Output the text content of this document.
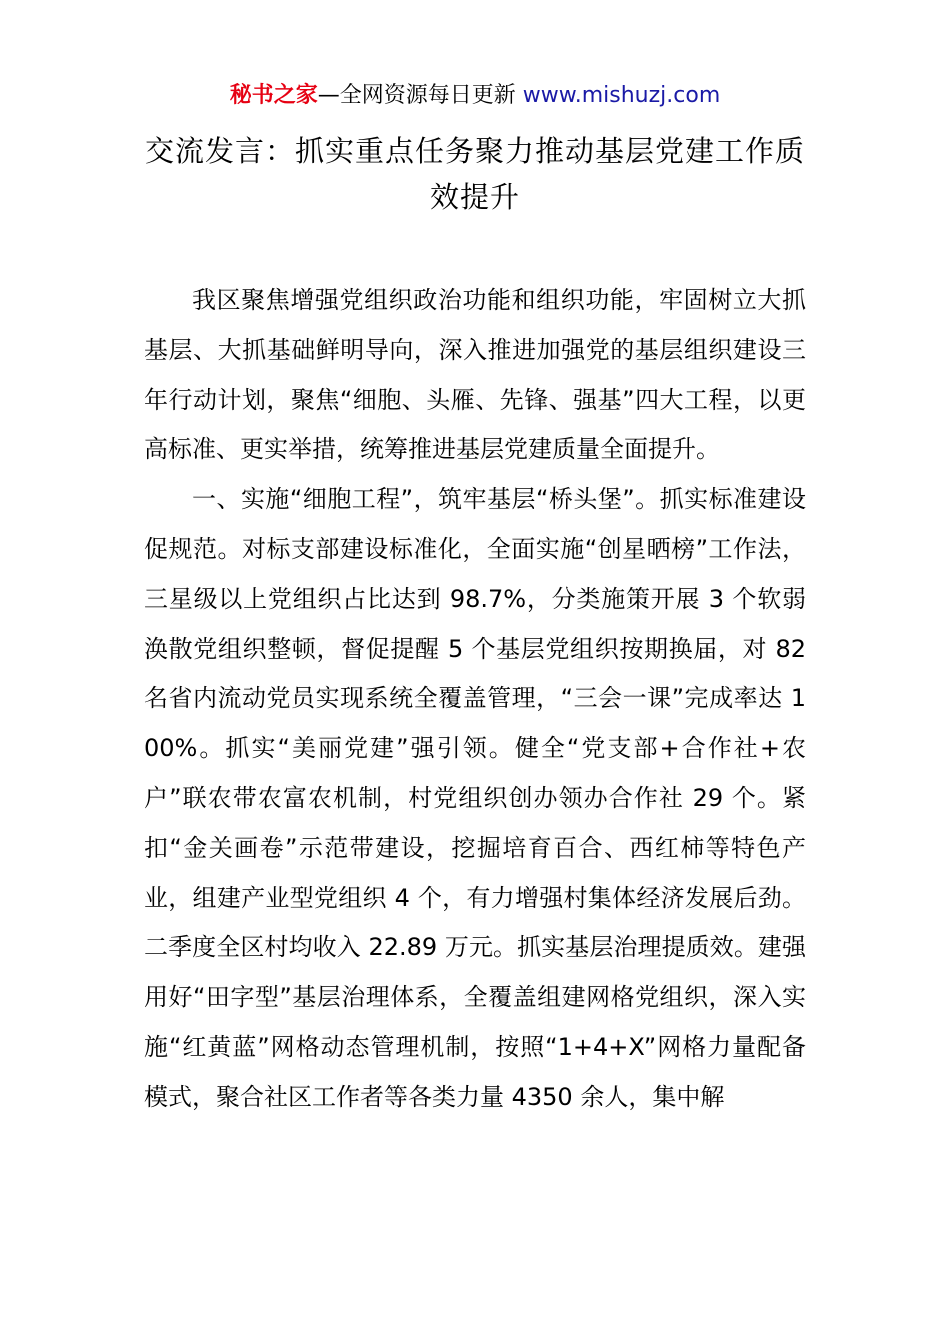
秘书之家—全网资源每日更新 www.mishuzj.com
交流发言：抓实重点任务聚力推动基层党建工作质效提升

我区聚焦增强党组织政治功能和组织功能，牢固树立大抓基层、大抓基础鲜明导向，深入推进加强党的基层组织建设三年行动计划，聚焦“细胞、头雁、先锋、强基”四大工程，以更高标准、更实举措，统筹推进基层党建质量全面提升。

一、实施“细胞工程”，筑牢基层“桥头堡”。抓实标准建设促规范。对标支部建设标准化，全面实施“创星晒榜”工作法，三星级以上党组织占比达到 98.7%，分类施策开展 3 个软弱涣散党组织整顿，督促提醒 5 个基层党组织按期换届，对 82 名省内流动党员实现系统全覆盖管理，“三会一课”完成率达 100%。抓实“美丽党建”强引领。健全“党支部+合作社+农户”联农带农富农机制，村党组织创办领办合作社 29 个。紧扣“金关画卷”示范带建设，挖掘培育百合、西红柿等特色产业，组建产业型党组织 4 个，有力增强村集体经济发展后劲。二季度全区村均收入 22.89 万元。抓实基层治理提质效。建强用好“田字型”基层治理体系，全覆盖组建网格党组织，深入实施“红黄蓝”网格动态管理机制，按照“1+4+X”网格力量配备模式，聚合社区工作者等各类力量 4350 余人，集中解
